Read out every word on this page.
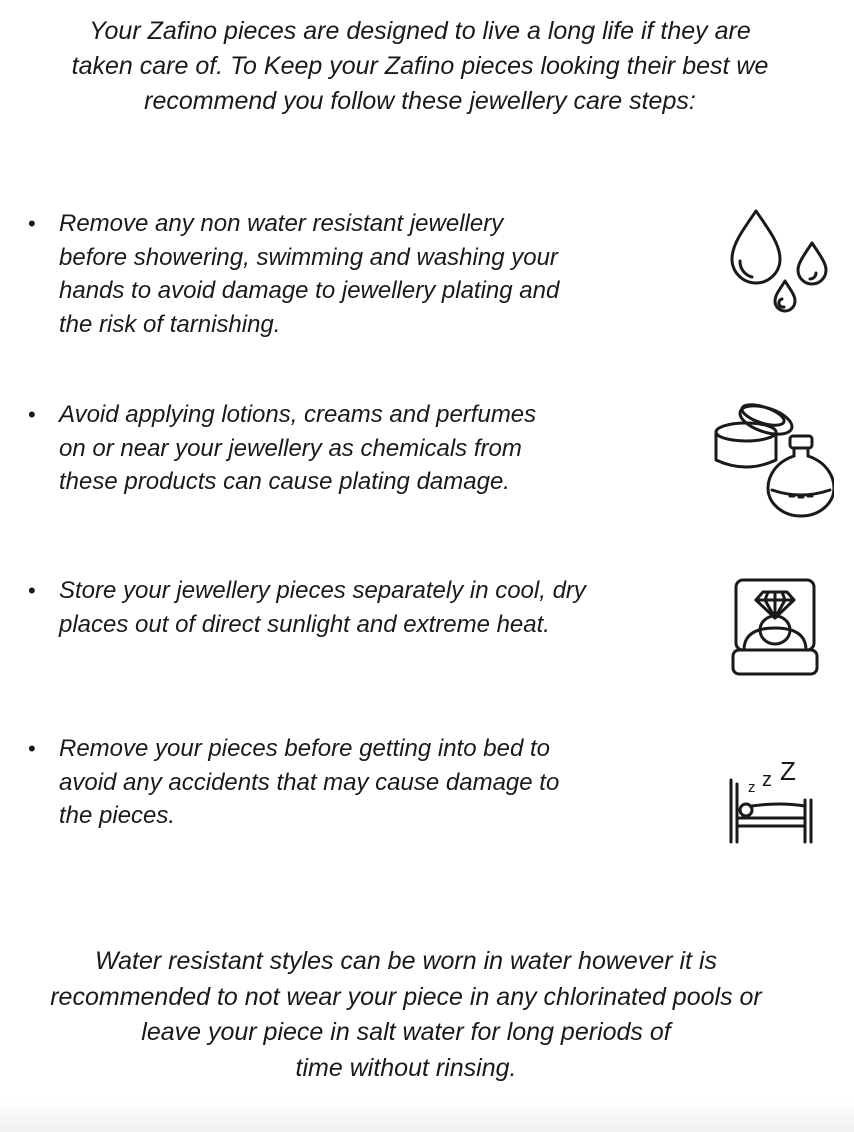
Your Zafino pieces are designed to live a long life if they are
taken care of. To Keep your Zafino pieces looking their best we
recommend you follow these jewellery care steps:
• Remove any non water resistant jewellery
before showering, swimming and washing your
hands to avoid damage to jewellery plating and
the risk of tarnishing.
• Avoid applying lotions, creams and perfumes
on or near your jewellery as chemicals from
these products can cause plating damage.
• Store your jewellery pieces separately in cool, dry
places out of direct sunlight and extreme heat.
• Remove your pieces before getting into bed to
avoid any accidents that may cause damage to
the pieces.
z z Z
Water resistant styles can be worn in water however it is
recommended to not wear your piece in any chlorinated pools or
leave your piece in salt water for long periods of
time without rinsing.
